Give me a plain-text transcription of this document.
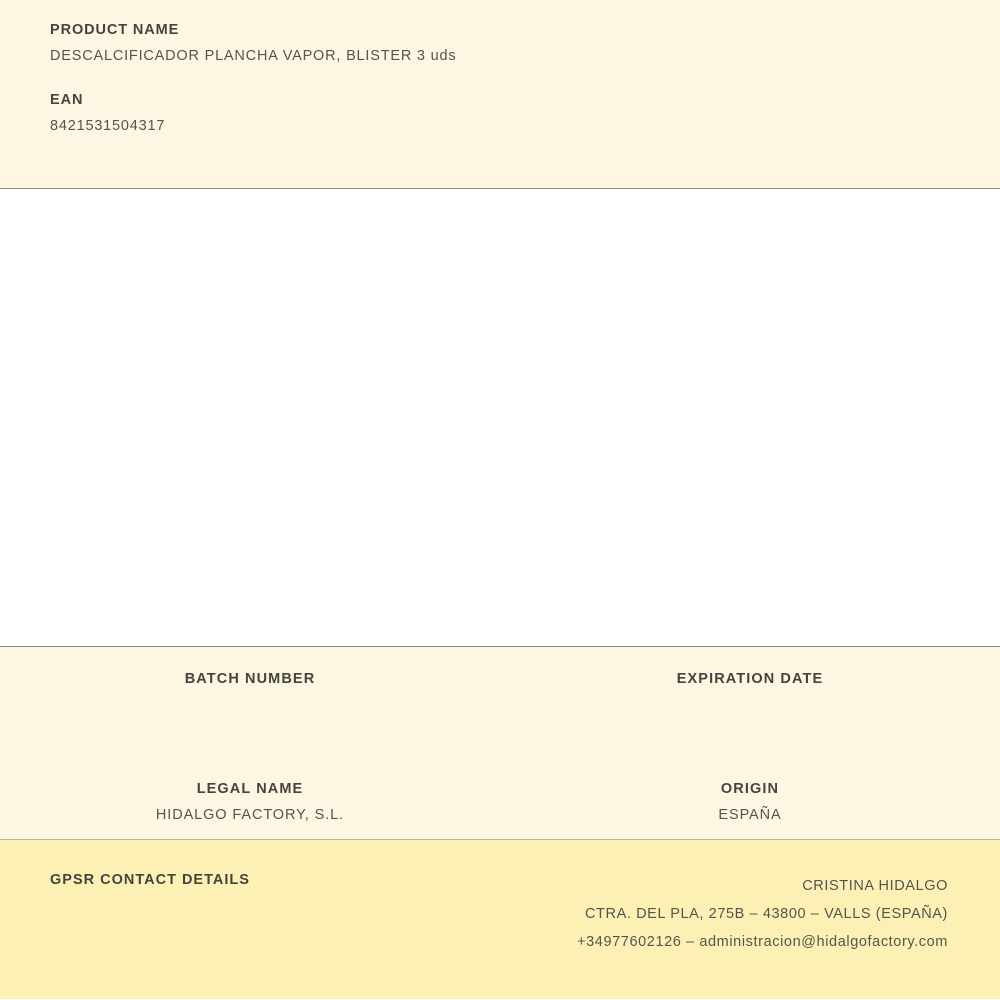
PRODUCT NAME
DESCALCIFICADOR PLANCHA VAPOR, BLISTER 3 uds
EAN
8421531504317
BATCH NUMBER	EXPIRATION DATE
LEGAL NAME
HIDALGO FACTORY, S.L.
ORIGIN
ESPAÑA
GPSR CONTACT DETAILS	CRISTINA HIDALGO
CTRA. DEL PLA, 275B – 43800 – VALLS (ESPAÑA)
+34977602126 – administracion@hidalgofactory.com
